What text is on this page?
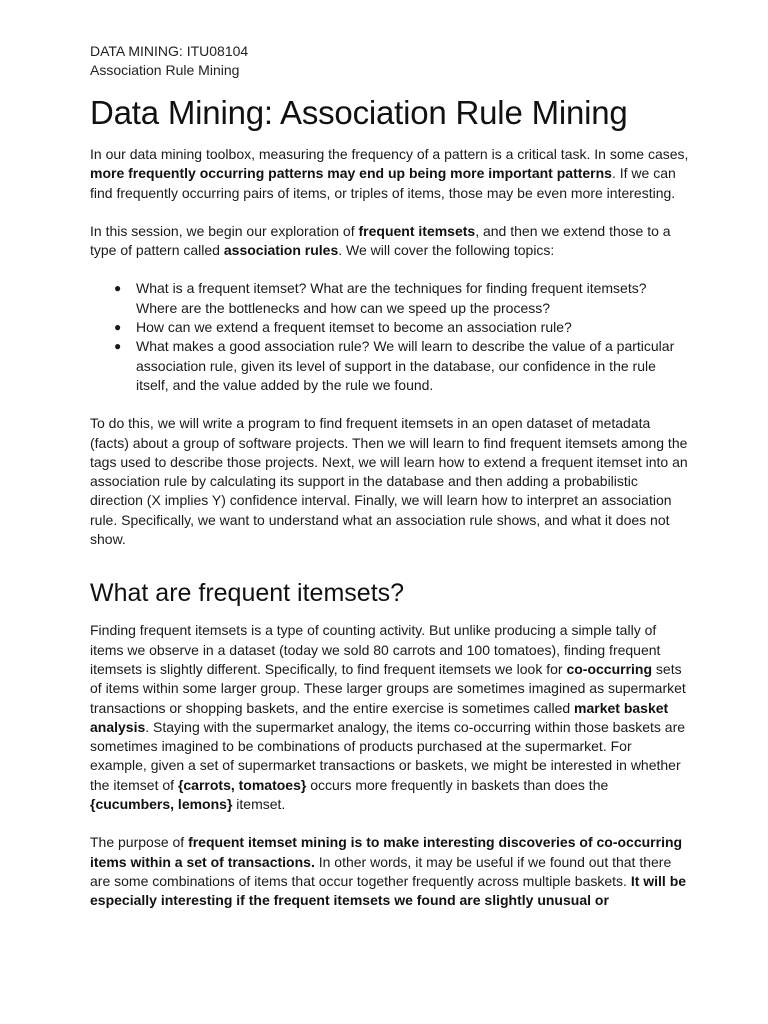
DATA MINING: ITU08104
Association Rule Mining
Data Mining: Association Rule Mining

In our data mining toolbox, measuring the frequency of a pattern is a critical task. In some cases, more frequently occurring patterns may end up being more important patterns. If we can find frequently occurring pairs of items, or triples of items, those may be even more interesting.

In this session, we begin our exploration of frequent itemsets, and then we extend those to a type of pattern called association rules. We will cover the following topics:

● What is a frequent itemset? What are the techniques for finding frequent itemsets? Where are the bottlenecks and how can we speed up the process?
● How can we extend a frequent itemset to become an association rule?
● What makes a good association rule? We will learn to describe the value of a particular association rule, given its level of support in the database, our confidence in the rule itself, and the value added by the rule we found.

To do this, we will write a program to find frequent itemsets in an open dataset of metadata (facts) about a group of software projects. Then we will learn to find frequent itemsets among the tags used to describe those projects. Next, we will learn how to extend a frequent itemset into an association rule by calculating its support in the database and then adding a probabilistic direction (X implies Y) confidence interval. Finally, we will learn how to interpret an association rule. Specifically, we want to understand what an association rule shows, and what it does not show.

What are frequent itemsets?

Finding frequent itemsets is a type of counting activity. But unlike producing a simple tally of items we observe in a dataset (today we sold 80 carrots and 100 tomatoes), finding frequent itemsets is slightly different. Specifically, to find frequent itemsets we look for co-occurring sets of items within some larger group. These larger groups are sometimes imagined as supermarket transactions or shopping baskets, and the entire exercise is sometimes called market basket analysis. Staying with the supermarket analogy, the items co-occurring within those baskets are sometimes imagined to be combinations of products purchased at the supermarket. For example, given a set of supermarket transactions or baskets, we might be interested in whether the itemset of {carrots, tomatoes} occurs more frequently in baskets than does the {cucumbers, lemons} itemset.

The purpose of frequent itemset mining is to make interesting discoveries of co-occurring items within a set of transactions. In other words, it may be useful if we found out that there are some combinations of items that occur together frequently across multiple baskets. It will be especially interesting if the frequent itemsets we found are slightly unusual or
